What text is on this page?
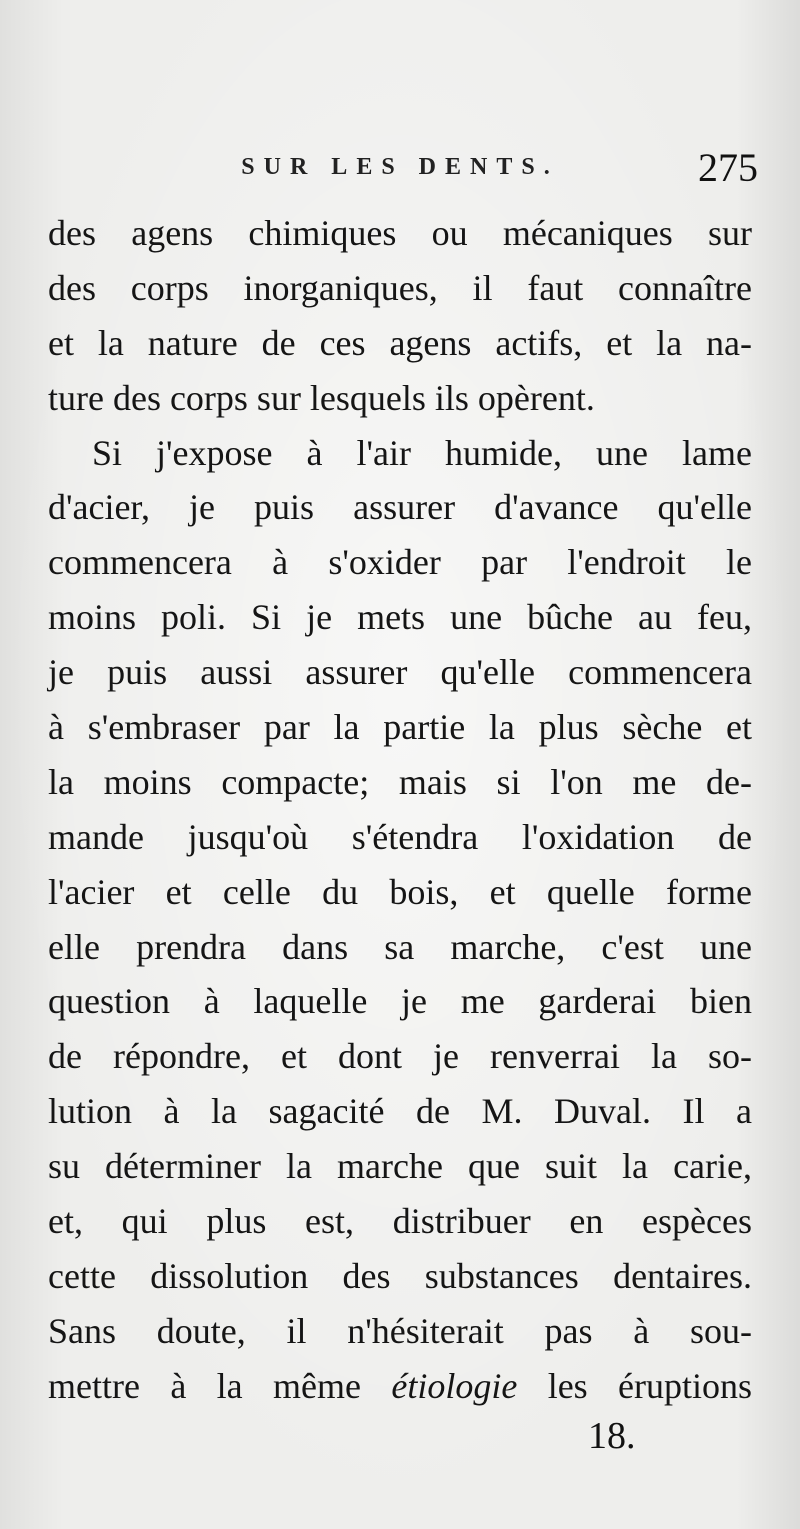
SUR LES DENTS.	275
des agens chimiques ou mécaniques sur
des corps inorganiques, il faut connaître
et la nature de ces agens actifs, et la na-
ture des corps sur lesquels ils opèrent.
Si j'expose à l'air humide, une lame
d'acier, je puis assurer d'avance qu'elle
commencera à s'oxider par l'endroit le
moins poli. Si je mets une bûche au feu,
je puis aussi assurer qu'elle commencera
à s'embraser par la partie la plus sèche et
la moins compacte; mais si l'on me de-
mande jusqu'où s'étendra l'oxidation de
l'acier et celle du bois, et quelle forme
elle prendra dans sa marche, c'est une
question à laquelle je me garderai bien
de répondre, et dont je renverrai la so-
lution à la sagacité de M. Duval. Il a
su déterminer la marche que suit la carie,
et, qui plus est, distribuer en espèces
cette dissolution des substances dentaires.
Sans doute, il n'hésiterait pas à sou-
mettre à la même étiologie les éruptions
18.
